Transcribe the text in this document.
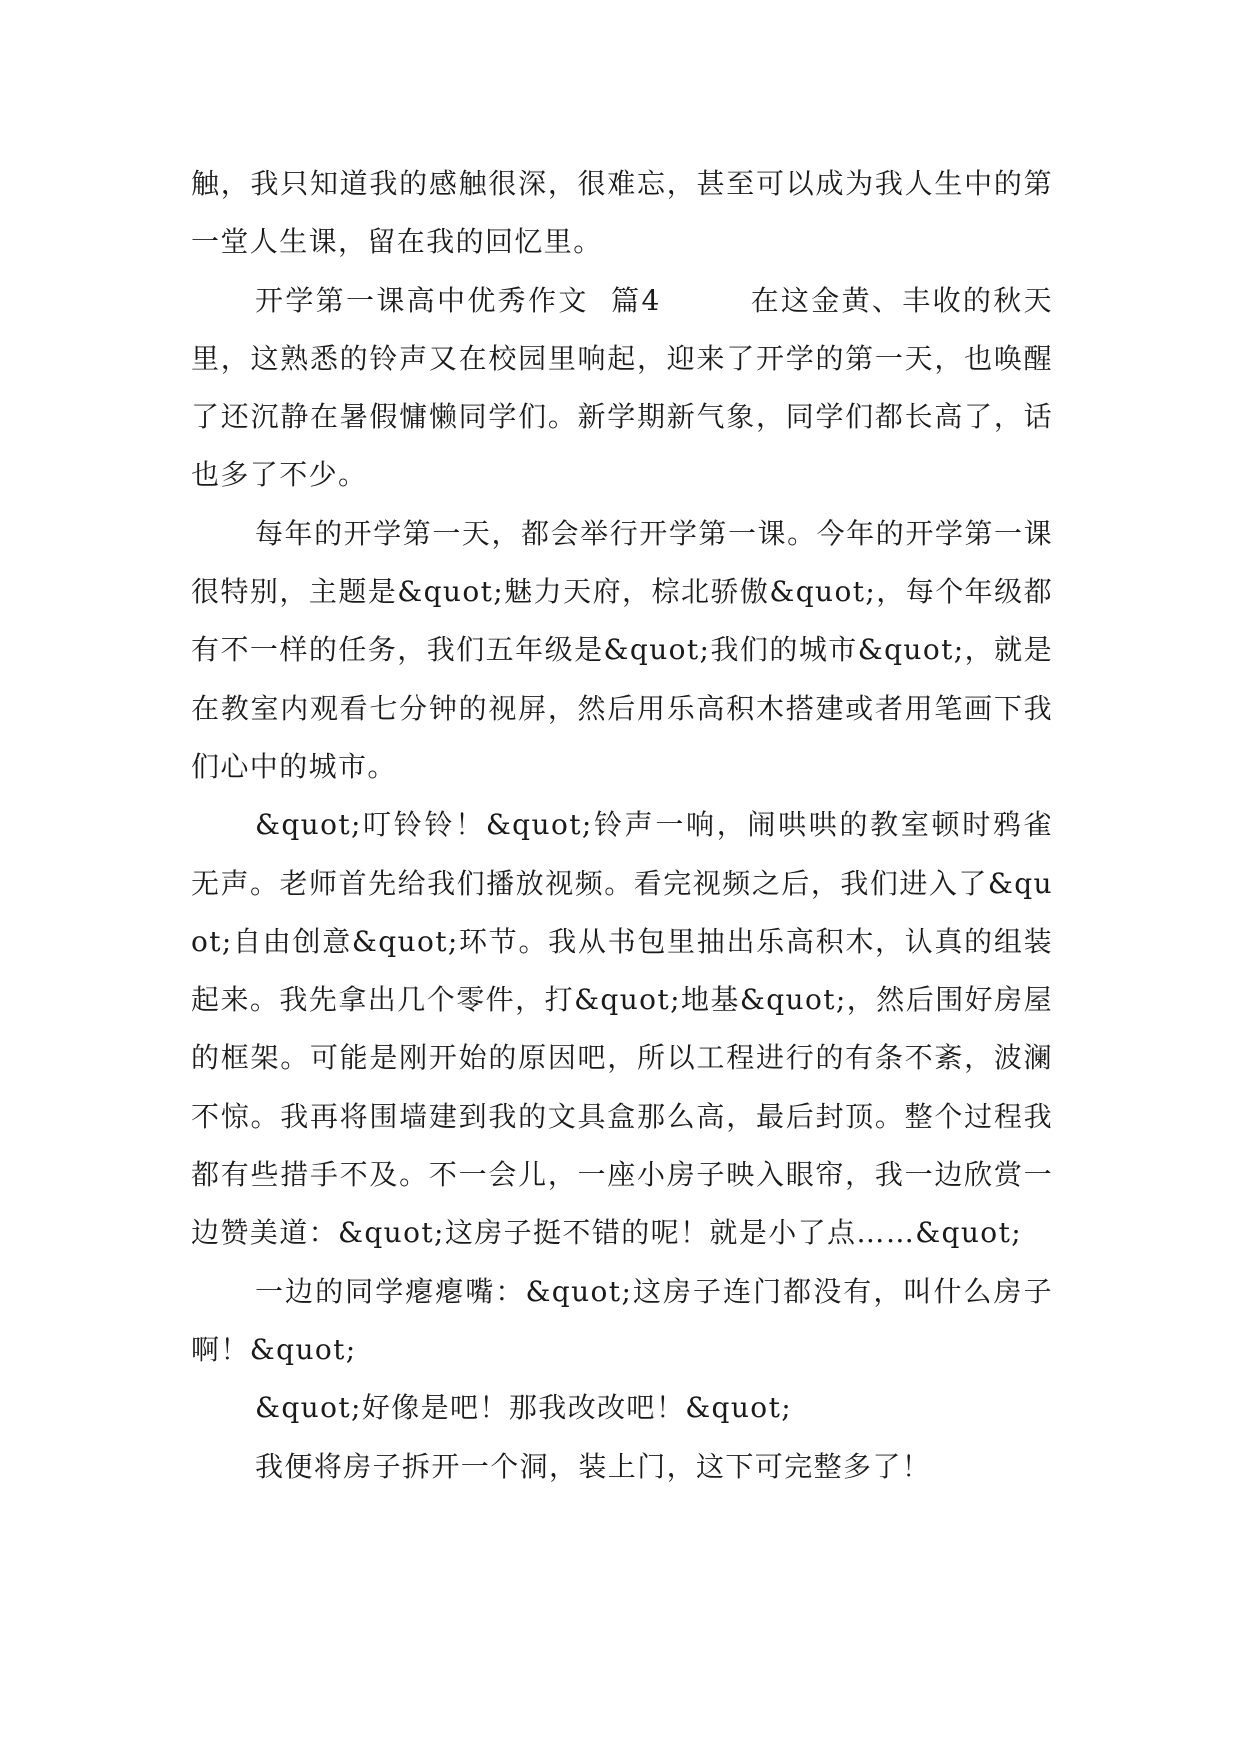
触，我只知道我的感触很深，很难忘，甚至可以成为我人生中的第一堂人生课，留在我的回忆里。

开学第一课高中优秀作文  篇4        在这金黄、丰收的秋天里，这熟悉的铃声又在校园里响起，迎来了开学的第一天，也唤醒了还沉静在暑假慵懒同学们。新学期新气象，同学们都长高了，话也多了不少。

每年的开学第一天，都会举行开学第一课。今年的开学第一课很特别，主题是&quot;魅力天府，棕北骄傲&quot;，每个年级都有不一样的任务，我们五年级是&quot;我们的城市&quot;，就是在教室内观看七分钟的视屏，然后用乐高积木搭建或者用笔画下我们心中的城市。

&quot;叮铃铃！&quot;铃声一响，闹哄哄的教室顿时鸦雀无声。老师首先给我们播放视频。看完视频之后，我们进入了&quot;自由创意&quot;环节。我从书包里抽出乐高积木，认真的组装起来。我先拿出几个零件，打&quot;地基&quot;，然后围好房屋的框架。可能是刚开始的原因吧，所以工程进行的有条不紊，波澜不惊。我再将围墙建到我的文具盒那么高，最后封顶。整个过程我都有些措手不及。不一会儿，一座小房子映入眼帘，我一边欣赏一边赞美道：&quot;这房子挺不错的呢！就是小了点……&quot;

一边的同学瘪瘪嘴：&quot;这房子连门都没有，叫什么房子啊！&quot;

&quot;好像是吧！那我改改吧！&quot;

我便将房子拆开一个洞，装上门，这下可完整多了！
